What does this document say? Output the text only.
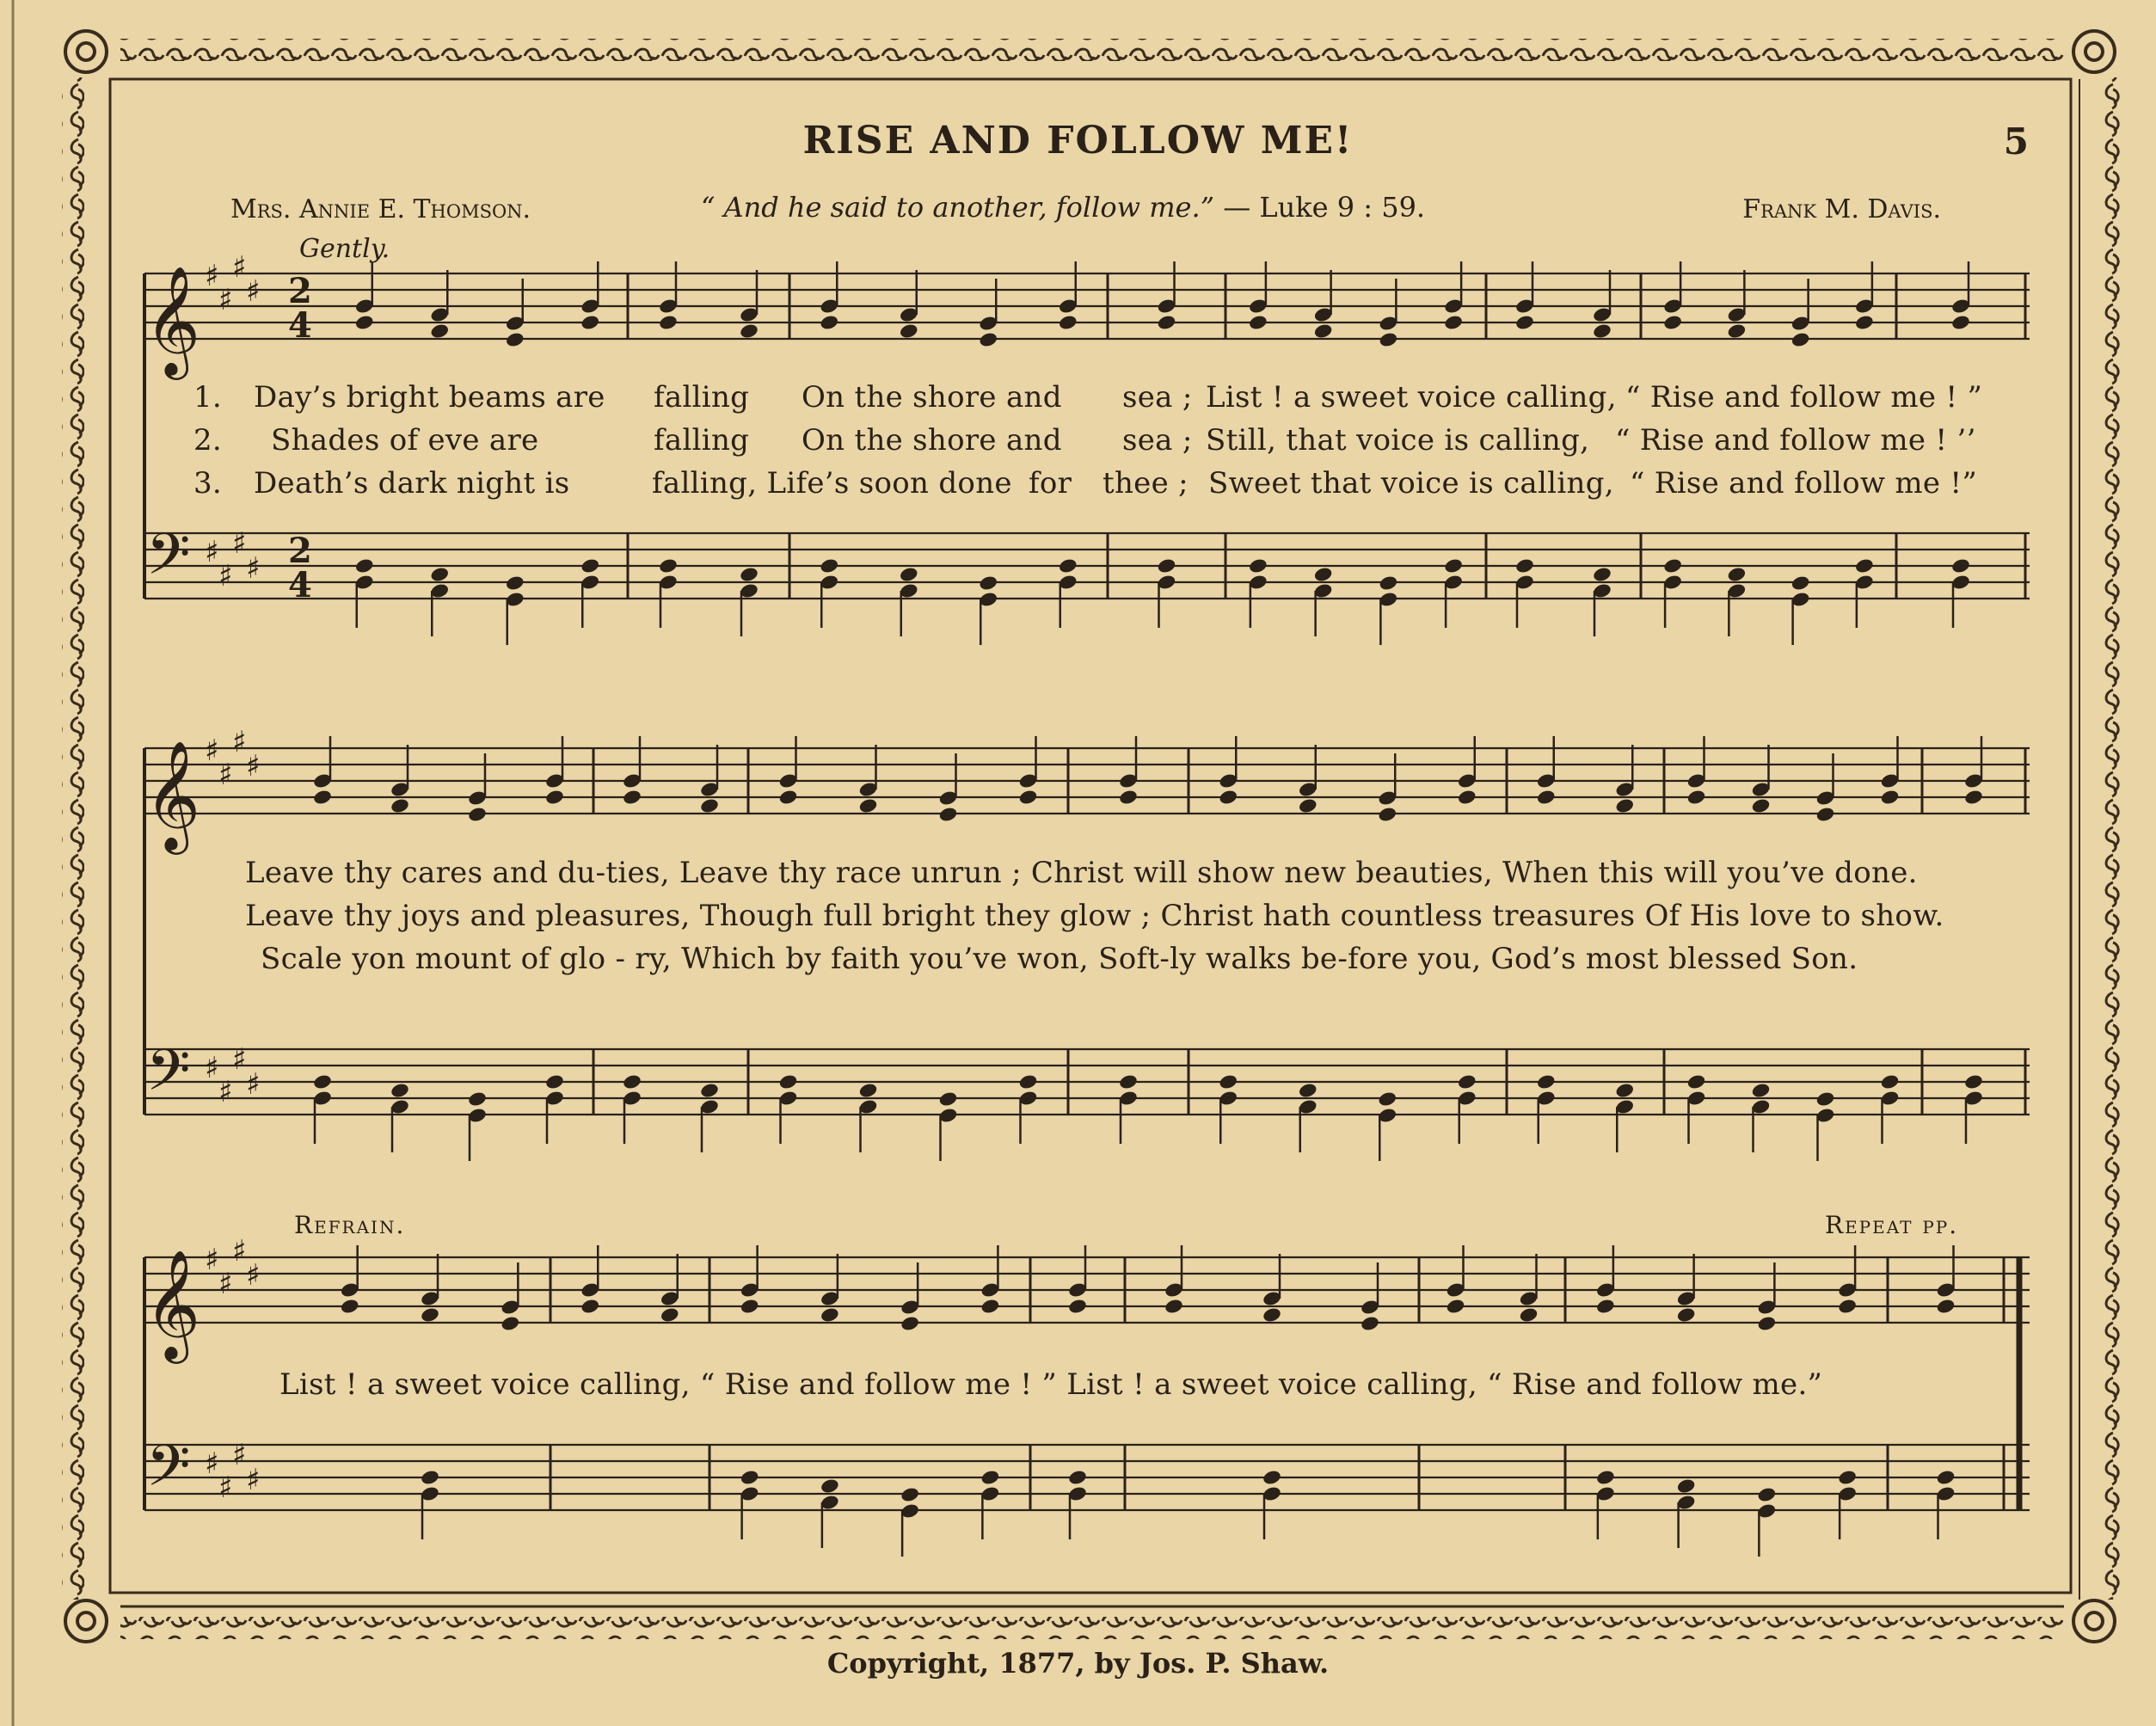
RISE AND FOLLOW ME!	5
Mrs. Annie E. Thomson.	“ And he said to another, follow me.” — Luke 9 : 59.	Frank M. Davis.
Gently.
𝄞
𝄢
♯
♯
♯
♯
♯
♯
♯
♯
2
4
2
4
𝄞
𝄢
♯
♯
♯
♯
♯
♯
♯
♯
𝄞
𝄢
♯
♯
♯
♯
♯
♯
♯
♯
1. Day’s bright beams are falling On the shore and sea ; List ! a sweet voice calling, “ Rise and follow me ! ”
2. Shades of eve are	falling On the shore and sea ; Still, that voice is calling, “ Rise and follow me ! ’’
3. Death’s dark night is	falling, Life’s soon done for thee ; Sweet that voice is calling, “ Rise and follow me !”
Leave thy cares and du-ties, Leave thy race unrun ; Christ will show new beauties, When this will you’ve done.
Leave thy joys and pleasures, Though full bright they glow ; Christ hath countless treasures Of His love to show.
Scale yon mount of glo - ry, Which by faith you’ve won, Soft-ly walks be-fore you, God’s most blessed Son.
Refrain.	Repeat pp.
List ! a sweet voice calling, “ Rise and follow me ! ” List ! a sweet voice calling, “ Rise and follow me.”
Copyright, 1877, by Jos. P. Shaw.
